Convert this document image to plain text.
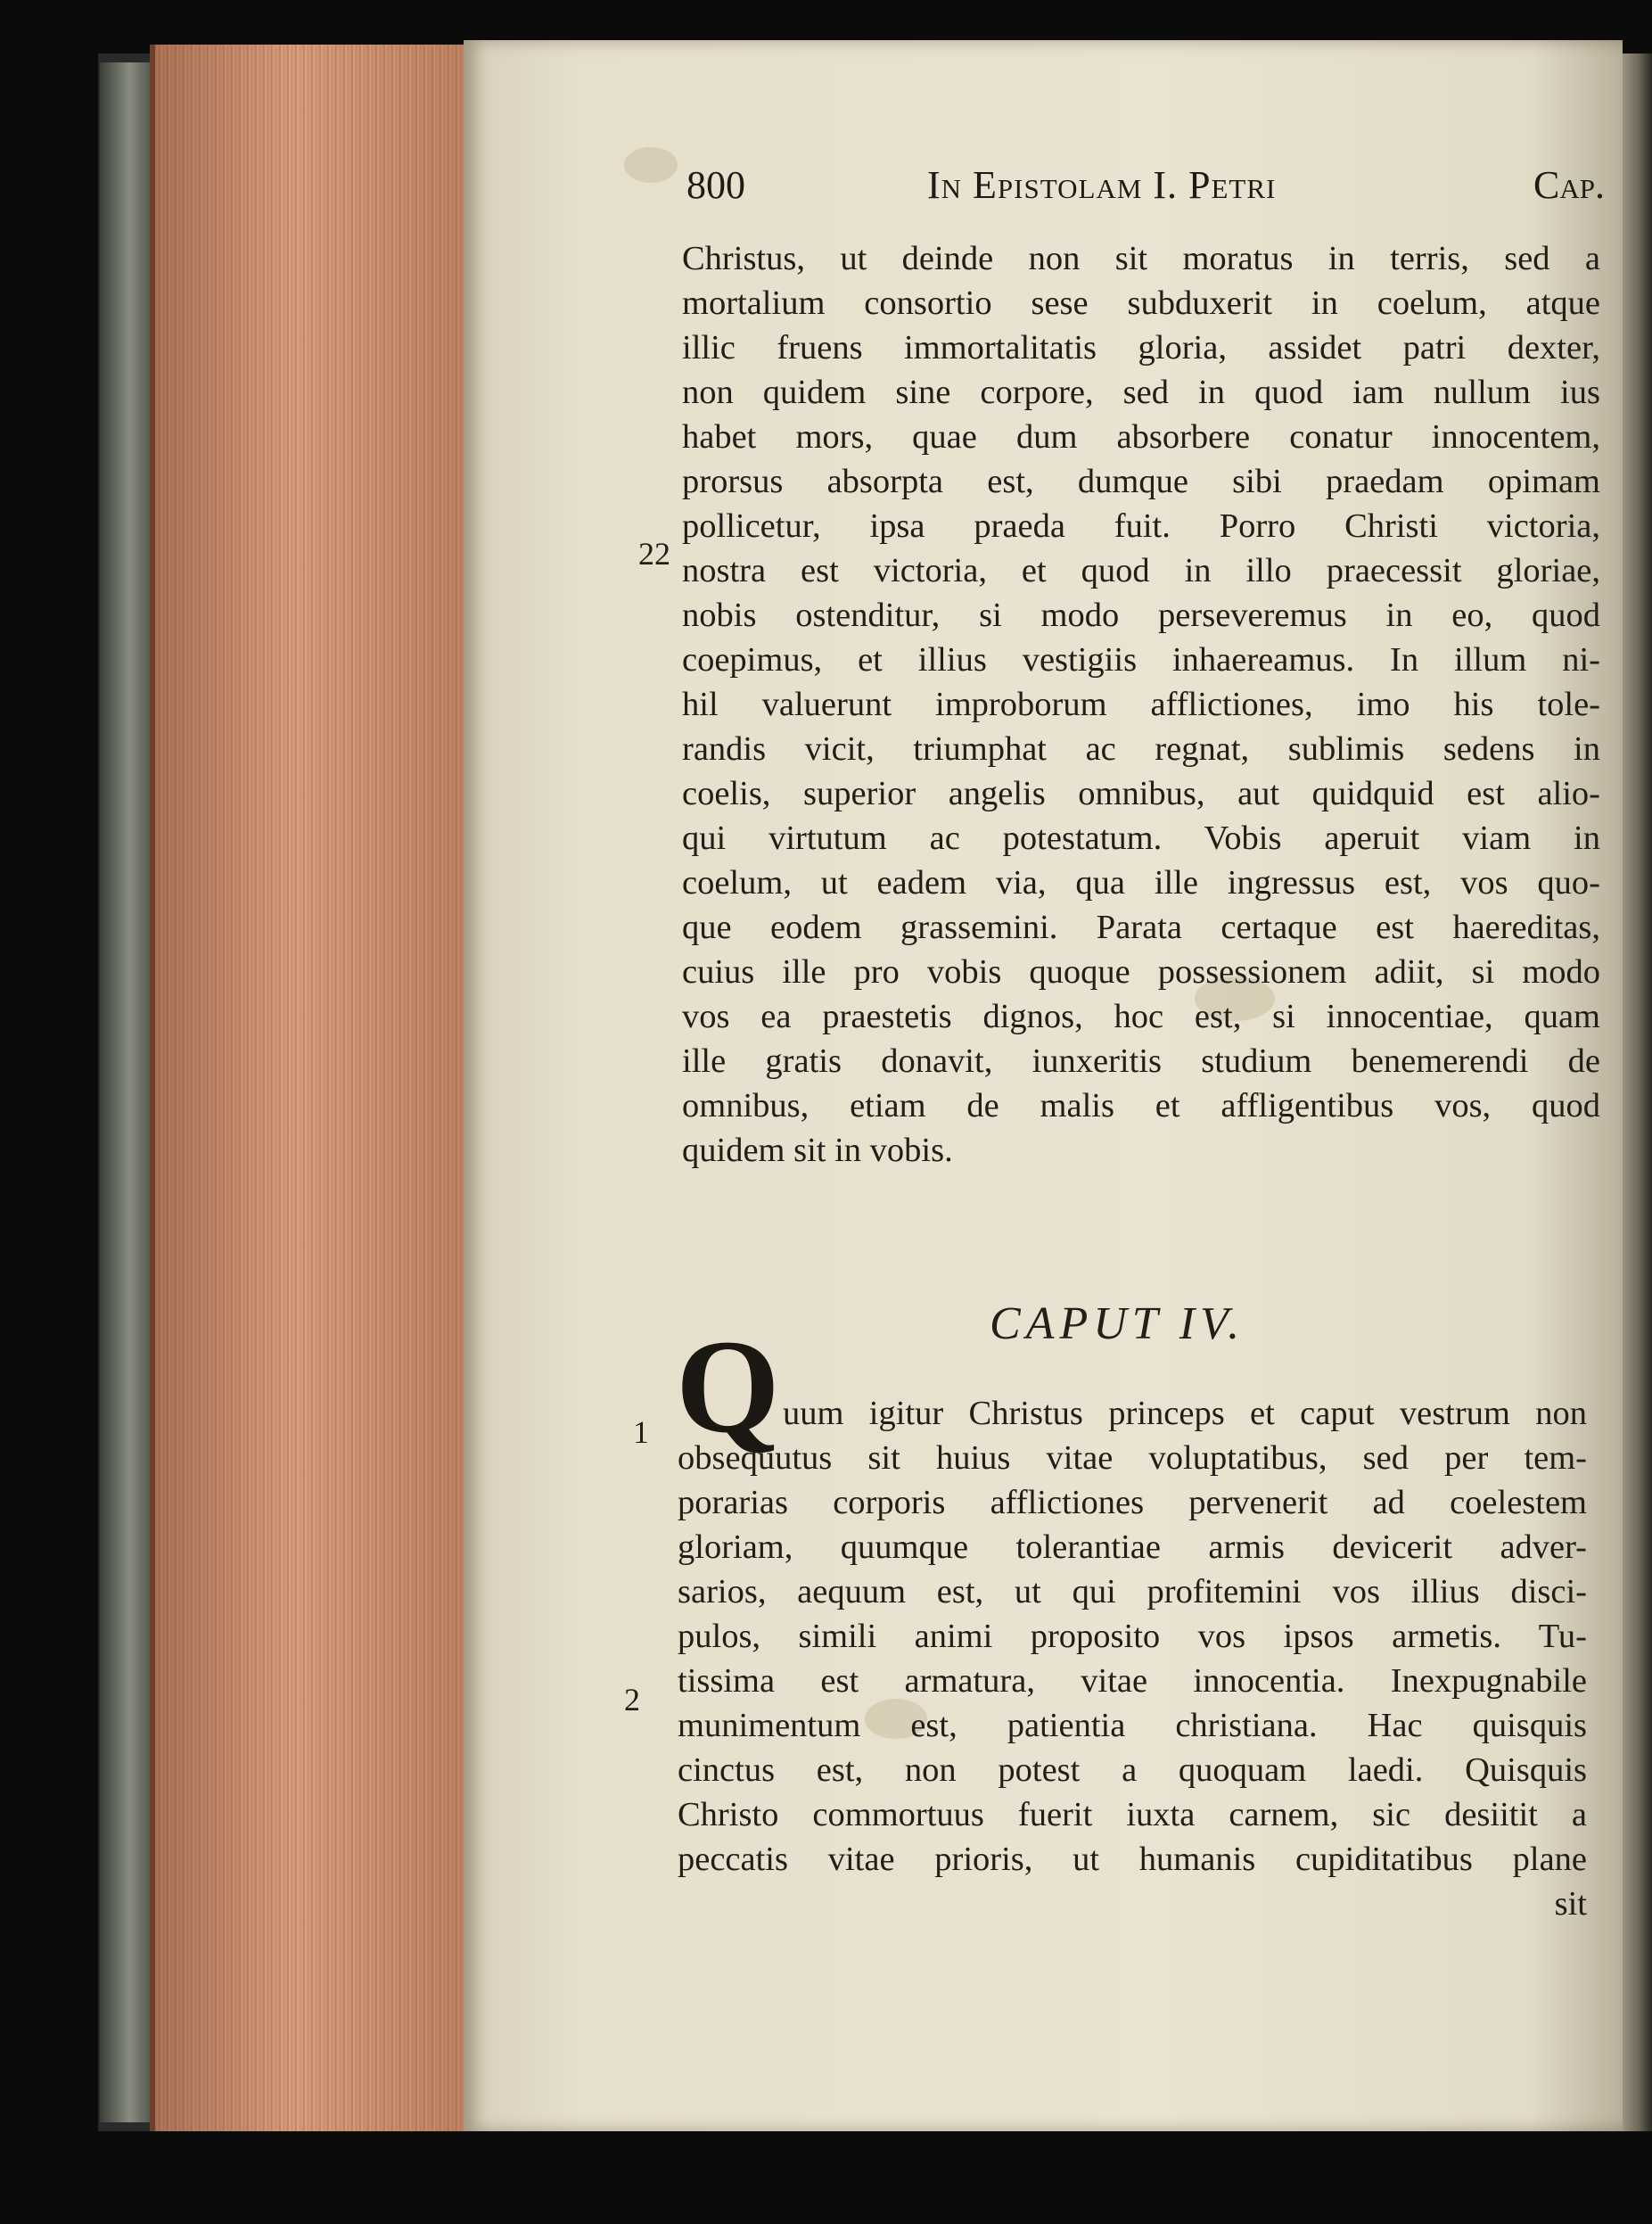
800	In Epistolam I. Petri	Cap.
22
Christus, ut deinde non sit moratus in terris, sed a
mortalium consortio sese subduxerit in coelum, atque
illic fruens immortalitatis gloria, assidet patri dexter,
non quidem sine corpore, sed in quod iam nullum ius
habet mors, quae dum absorbere conatur innocentem,
prorsus absorpta est, dumque sibi praedam opimam
pollicetur, ipsa praeda fuit. Porro Christi victoria,
nostra est victoria, et quod in illo praecessit gloriae,
nobis ostenditur, si modo perseveremus in eo, quod
coepimus, et illius vestigiis inhaereamus. In illum ni-
hil valuerunt improborum afflictiones, imo his tole-
randis vicit, triumphat ac regnat, sublimis sedens in
coelis, superior angelis omnibus, aut quidquid est alio-
qui virtutum ac potestatum. Vobis aperuit viam in
coelum, ut eadem via, qua ille ingressus est, vos quo-
que eodem grassemini. Parata certaque est haereditas,
cuius ille pro vobis quoque possessionem adiit, si modo
vos ea praestetis dignos, hoc est, si innocentiae, quam
ille gratis donavit, iunxeritis studium benemerendi de
omnibus, etiam de malis et affligentibus vos, quod
quidem sit in vobis.
CAPUT IV.
Q
1
2
uum igitur Christus princeps et caput vestrum non
obsequutus sit huius vitae voluptatibus, sed per tem-
porarias corporis afflictiones pervenerit ad coelestem
gloriam, quumque tolerantiae armis devicerit adver-
sarios, aequum est, ut qui profitemini vos illius disci-
pulos, simili animi proposito vos ipsos armetis. Tu-
tissima est armatura, vitae innocentia. Inexpugnabile
munimentum est, patientia christiana. Hac quisquis
cinctus est, non potest a quoquam laedi. Quisquis
Christo commortuus fuerit iuxta carnem, sic desiitit a
peccatis vitae prioris, ut humanis cupiditatibus plane
sit
